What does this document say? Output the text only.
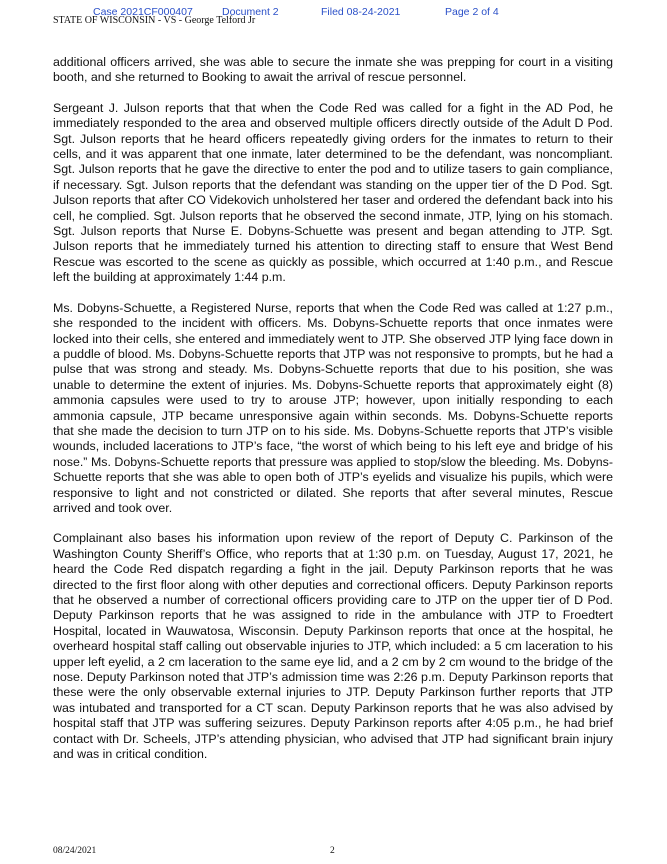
Case 2021CF000407	Document 2	Filed 08-24-2021	Page 2 of 4
STATE OF WISCONSIN - VS - George Telford Jr

additional officers arrived, she was able to secure the inmate she was prepping for court in a visiting booth, and she returned to Booking to await the arrival of rescue personnel.

Sergeant J. Julson reports that that when the Code Red was called for a fight in the AD Pod, he immediately responded to the area and observed multiple officers directly outside of the Adult D Pod. Sgt. Julson reports that he heard officers repeatedly giving orders for the inmates to return to their cells, and it was apparent that one inmate, later determined to be the defendant, was noncompliant. Sgt. Julson reports that he gave the directive to enter the pod and to utilize tasers to gain compliance, if necessary. Sgt. Julson reports that the defendant was standing on the upper tier of the D Pod. Sgt. Julson reports that after CO Videkovich unholstered her taser and ordered the defendant back into his cell, he complied. Sgt. Julson reports that he observed the second inmate, JTP, lying on his stomach. Sgt. Julson reports that Nurse E. Dobyns-Schuette was present and began attending to JTP. Sgt. Julson reports that he immediately turned his attention to directing staff to ensure that West Bend Rescue was escorted to the scene as quickly as possible, which occurred at 1:40 p.m., and Rescue left the building at approximately 1:44 p.m.

Ms. Dobyns-Schuette, a Registered Nurse, reports that when the Code Red was called at 1:27 p.m., she responded to the incident with officers. Ms. Dobyns-Schuette reports that once inmates were locked into their cells, she entered and immediately went to JTP. She observed JTP lying face down in a puddle of blood. Ms. Dobyns-Schuette reports that JTP was not responsive to prompts, but he had a pulse that was strong and steady. Ms. Dobyns-Schuette reports that due to his position, she was unable to determine the extent of injuries. Ms. Dobyns-Schuette reports that approximately eight (8) ammonia capsules were used to try to arouse JTP; however, upon initially responding to each ammonia capsule, JTP became unresponsive again within seconds. Ms. Dobyns-Schuette reports that she made the decision to turn JTP on to his side. Ms. Dobyns-Schuette reports that JTP’s visible wounds, included lacerations to JTP’s face, “the worst of which being to his left eye and bridge of his nose.” Ms. Dobyns-Schuette reports that pressure was applied to stop/slow the bleeding. Ms. Dobyns-Schuette reports that she was able to open both of JTP’s eyelids and visualize his pupils, which were responsive to light and not constricted or dilated. She reports that after several minutes, Rescue arrived and took over.

Complainant also bases his information upon review of the report of Deputy C. Parkinson of the Washington County Sheriff’s Office, who reports that at 1:30 p.m. on Tuesday, August 17, 2021, he heard the Code Red dispatch regarding a fight in the jail. Deputy Parkinson reports that he was directed to the first floor along with other deputies and correctional officers. Deputy Parkinson reports that he observed a number of correctional officers providing care to JTP on the upper tier of D Pod. Deputy Parkinson reports that he was assigned to ride in the ambulance with JTP to Froedtert Hospital, located in Wauwatosa, Wisconsin. Deputy Parkinson reports that once at the hospital, he overheard hospital staff calling out observable injuries to JTP, which included: a 5 cm laceration to his upper left eyelid, a 2 cm laceration to the same eye lid, and a 2 cm by 2 cm wound to the bridge of the nose. Deputy Parkinson noted that JTP’s admission time was 2:26 p.m. Deputy Parkinson reports that these were the only observable external injuries to JTP. Deputy Parkinson further reports that JTP was intubated and transported for a CT scan. Deputy Parkinson reports that he was also advised by hospital staff that JTP was suffering seizures. Deputy Parkinson reports after 4:05 p.m., he had brief contact with Dr. Scheels, JTP’s attending physician, who advised that JTP had significant brain injury and was in critical condition.

08/24/2021	2
